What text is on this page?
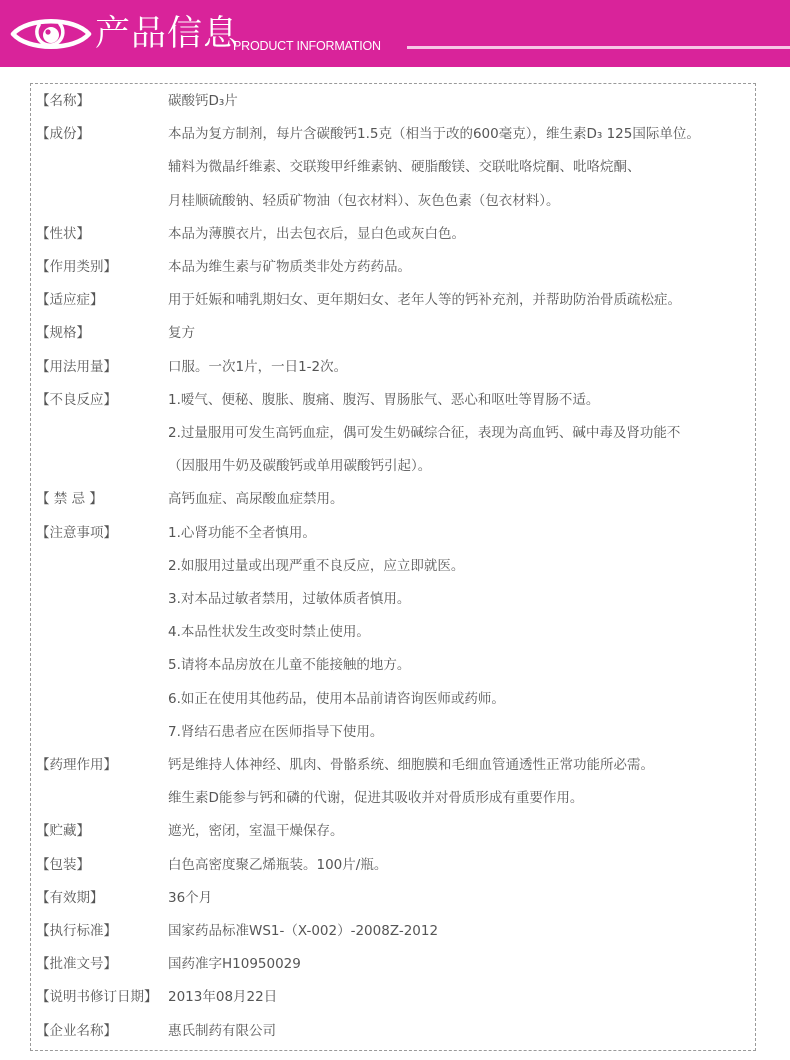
产品信息
PRODUCT INFORMATION
【名称】	碳酸钙D₃片
【成份】	本品为复方制剂，每片含碳酸钙1.5克（相当于改的600毫克），维生素D₃ 125国际单位。
辅料为微晶纤维素、交联羧甲纤维素钠、硬脂酸镁、交联吡咯烷酮、吡咯烷酮、
月桂顺硫酸钠、轻质矿物油（包衣材料）、灰色色素（包衣材料）。
【性状】	本品为薄膜衣片，出去包衣后，显白色或灰白色。
【作用类别】	本品为维生素与矿物质类非处方药药品。
【适应症】	用于妊娠和哺乳期妇女、更年期妇女、老年人等的钙补充剂，并帮助防治骨质疏松症。
【规格】	复方
【用法用量】	口服。一次1片，一日1-2次。
【不良反应】	1.嗳气、便秘、腹胀、腹痛、腹泻、胃肠胀气、恶心和呕吐等胃肠不适。
2.过量服用可发生高钙血症，偶可发生奶碱综合征，表现为高血钙、碱中毒及肾功能不
（因服用牛奶及碳酸钙或单用碳酸钙引起）。
【 禁 忌 】	高钙血症、高尿酸血症禁用。
【注意事项】	1.心肾功能不全者慎用。
2.如服用过量或出现严重不良反应，应立即就医。
3.对本品过敏者禁用，过敏体质者慎用。
4.本品性状发生改变时禁止使用。
5.请将本品房放在儿童不能接触的地方。
6.如正在使用其他药品，使用本品前请咨询医师或药师。
7.肾结石患者应在医师指导下使用。
【药理作用】	钙是维持人体神经、肌肉、骨骼系统、细胞膜和毛细血管通透性正常功能所必需。
维生素D能参与钙和磷的代谢，促进其吸收并对骨质形成有重要作用。
【贮藏】	遮光，密闭，室温干燥保存。
【包装】	白色高密度聚乙烯瓶装。100片/瓶。
【有效期】	36个月
【执行标准】	国家药品标准WS1-（X-002）-2008Z-2012
【批准文号】	国药准字H10950029
【说明书修订日期】 2013年08月22日
【企业名称】	惠氏制药有限公司
